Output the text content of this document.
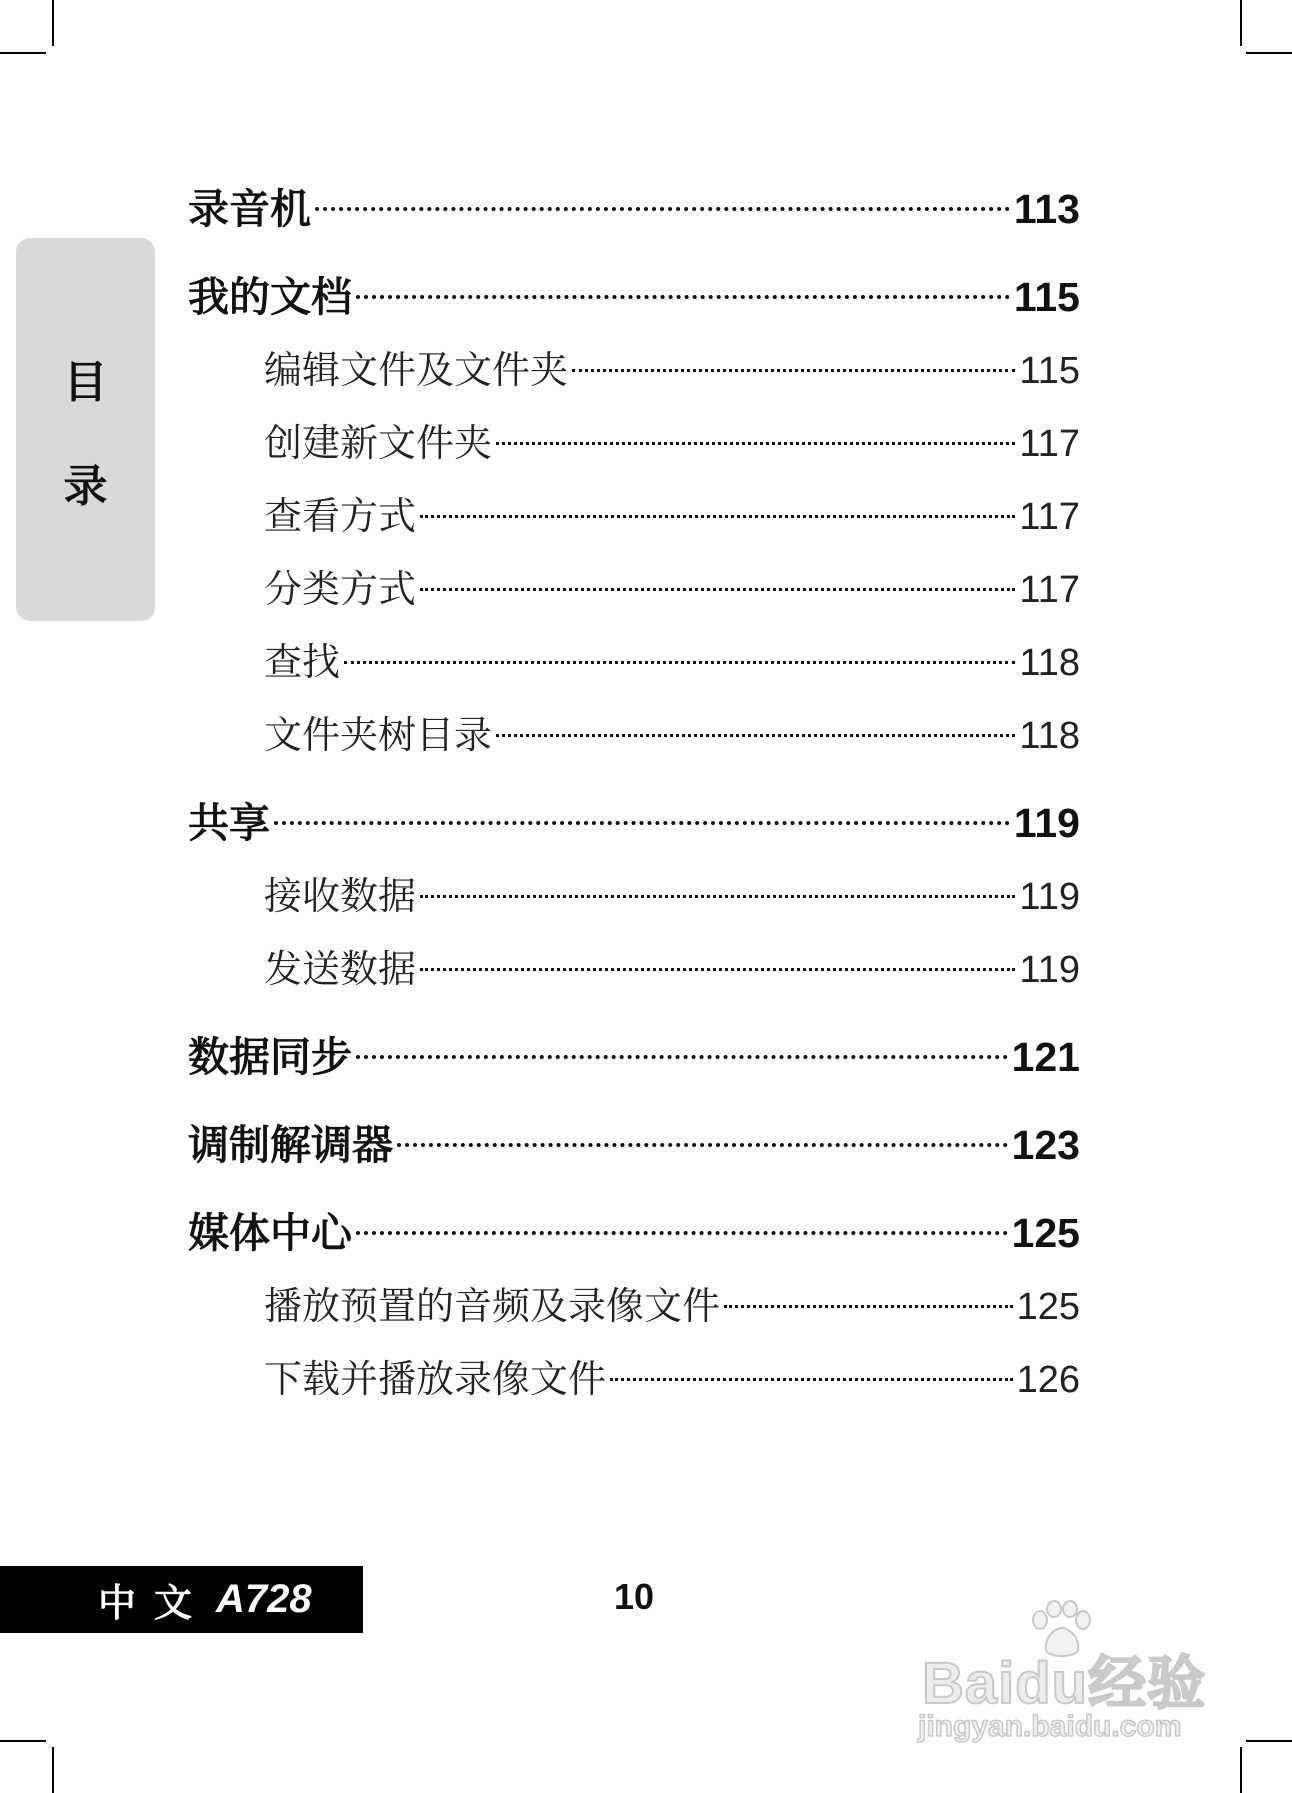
目
录
录音机	113
我的文档	115
编辑文件及文件夹	115
创建新文件夹	117
查看方式	117
分类方式	117
查找	118
文件夹树目录	118
共享	119
接收数据	119
发送数据	119
数据同步	121
调制解调器	123
媒体中心	125
播放预置的音频及录像文件	125
下载并播放录像文件	126
中文 A728	10
Baidu经验
jingyan.baidu.com
